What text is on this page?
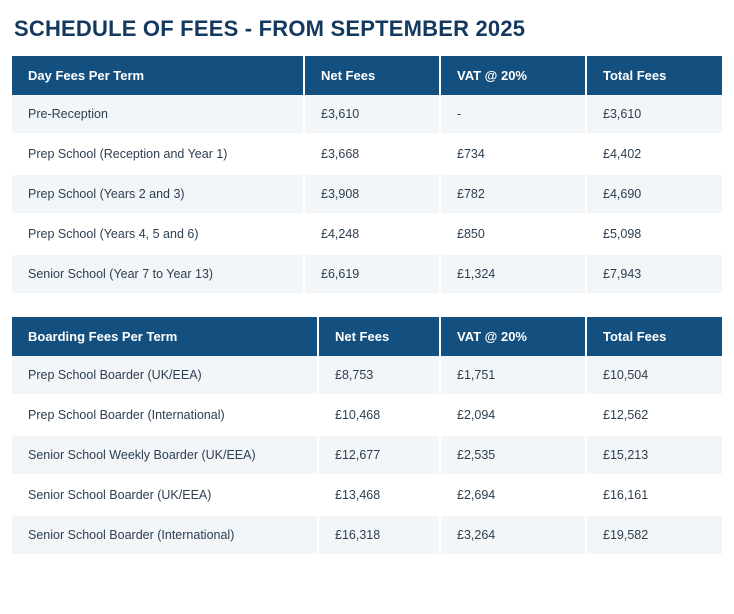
SCHEDULE OF FEES - FROM SEPTEMBER 2025
Day Fees Per Term	Net Fees	VAT @ 20%	Total Fees
Pre-Reception	£3,610	-	£3,610
Prep School (Reception and Year 1)	£3,668	£734	£4,402
Prep School (Years 2 and 3)	£3,908	£782	£4,690
Prep School (Years 4, 5 and 6)	£4,248	£850	£5,098
Senior School (Year 7 to Year 13)	£6,619	£1,324	£7,943
Boarding Fees Per Term	Net Fees	VAT @ 20%	Total Fees
Prep School Boarder (UK/EEA)	£8,753	£1,751	£10,504
Prep School Boarder (International)	£10,468	£2,094	£12,562
Senior School Weekly Boarder (UK/EEA)	£12,677	£2,535	£15,213
Senior School Boarder (UK/EEA)	£13,468	£2,694	£16,161
Senior School Boarder (International)	£16,318	£3,264	£19,582
